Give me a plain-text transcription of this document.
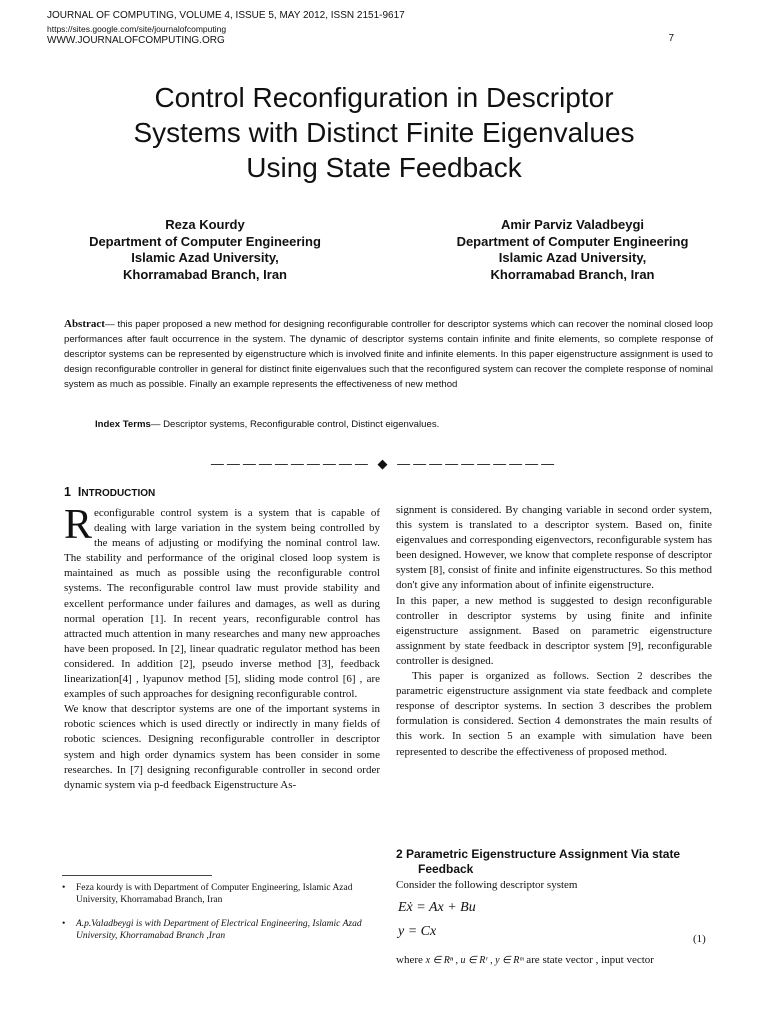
JOURNAL OF COMPUTING, VOLUME 4, ISSUE 5, MAY 2012, ISSN 2151-9617
https://sites.google.com/site/journalofcomputing
WWW.JOURNALOFCOMPUTING.ORG	7
Control Reconfiguration in Descriptor
Systems with Distinct Finite Eigenvalues
Using State Feedback
Reza Kourdy
Department of Computer Engineering
Islamic Azad University,
Khorramabad Branch, Iran
Amir Parviz Valadbeygi
Department of Computer Engineering
Islamic Azad University,
Khorramabad Branch, Iran
Abstract— this paper proposed a new method for designing reconfigurable controller for descriptor systems which can recover the nominal closed loop performances after fault occurrence in the system. The dynamic of descriptor systems contain infinite and finite elements, so complete response of descriptor systems can be represented by eigenstructure which is involved finite and infinite elements. In this paper eigenstructure assignment is used to design reconfigurable controller in general for distinct finite eigenvalues such that the reconfigured system can recover the complete response of nominal system as much as possible. Finally an example represents the effectiveness of new method
Index Terms— Descriptor systems, Reconfigurable control, Distinct eigenvalues.
—————————— ◆ ——————————
1 INTRODUCTION

Reconfigurable control system is a system that is capable of dealing with large variation in the system being controlled by the means of adjusting or modifying the nominal control law. The stability and performance of the original closed loop system is maintained as much as possible using the reconfigurable control systems. The reconfigurable control law must provide stability and excellent performance under failures and damages, as well as during normal operation [1]. In recent years, reconfigurable control has attracted much attention in many researches and many new approaches have been proposed. In [2], linear quadratic regulator method has been considered. In addition [2], pseudo inverse method [3], feedback linearization[4] , lyapunov method [5], sliding mode control [6] , are examples of such approaches for designing reconfigurable control.

We know that descriptor systems are one of the important systems in robotic sciences which is used directly or indirectly in many fields of robotic sciences. Designing reconfigurable controller in descriptor system and high order dynamics system has been consider in some researches. In [7] designing reconfigurable controller in second order dynamic system via p-d feedback Eigenstructure As-

signment is considered. By changing variable in second order system, this system is translated to a descriptor system. Based on, finite eigenvalues and corresponding eigenvectors, reconfigurable system has been designed. However, we know that complete response of descriptor system [8], consist of finite and infinite eigenstructures. So this method don't give any information about of infinite eigenstructure.

In this paper, a new method is suggested to design reconfigurable controller in descriptor systems by using finite and infinite eigenstructure assignment. Based on parametric eigenstructure assignment by state feedback in descriptor system [9], reconfigurable controller is designed.

This paper is organized as follows. Section 2 describes the parametric eigenstructure assignment via state feedback and complete response of descriptor systems. In section 3 describes the problem formulation is considered. Section 4 demonstrates the main results of this work. In section 5 an example with simulation have been represented to describe the effectiveness of proposed method.

2 Parametric Eigenstructure Assignment Via state
Feedback
Consider the following descriptor system
Eẋ = Ax + Bu
y = Cx	(1)
where x ∈ Rⁿ , u ∈ Rʳ , y ∈ Rᵐ are state vector , input vector
• Feza kourdy is with Department of Computer Engineering, Islamic Azad University, Khorramabad Branch, Iran
• A.p.Valadbeygi is with Department of Electrical Engineering, Islamic Azad University, Khorramabad Branch ,Iran
